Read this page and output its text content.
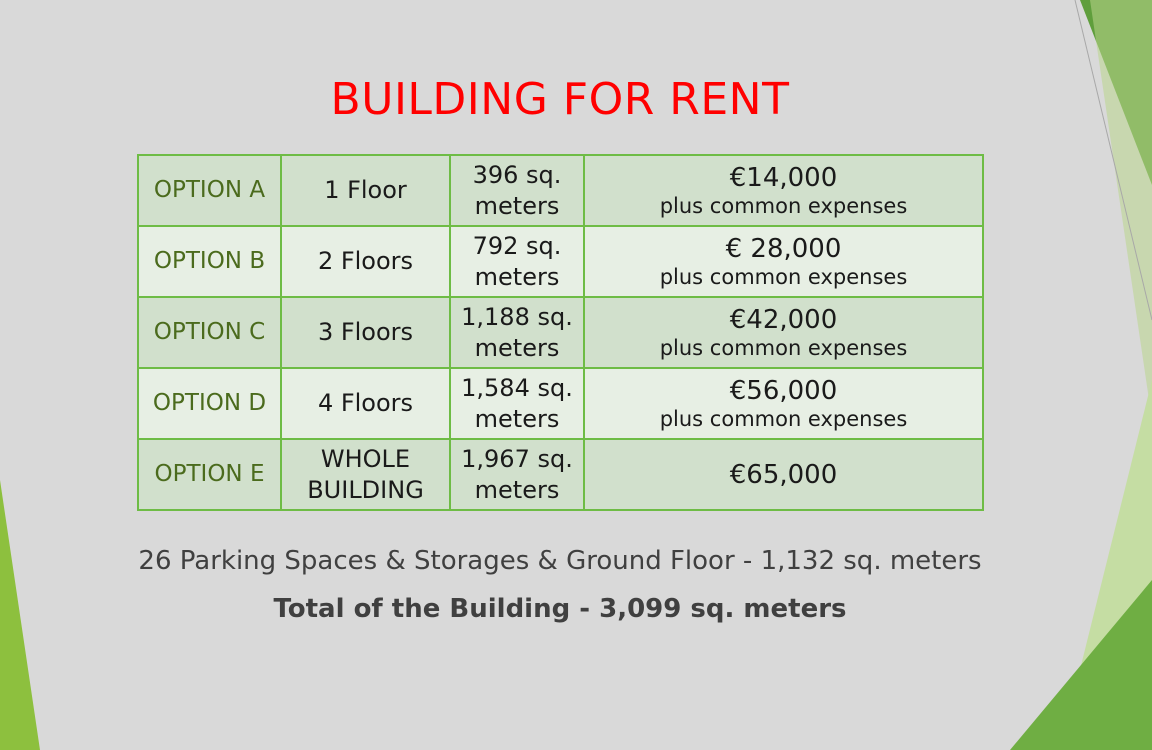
BUILDING FOR RENT
OPTION A	1 Floor	396 sq. meters	€14,000
plus common expenses

OPTION B	2 Floors	792 sq. meters	€ 28,000
plus common expenses

OPTION C	3 Floors	1,188 sq. meters	€42,000
plus common expenses

OPTION D	4 Floors	1,584 sq. meters	€56,000
plus common expenses

OPTION E	WHOLE BUILDING	1,967 sq. meters	€65,000
26 Parking Spaces & Storages & Ground Floor - 1,132 sq. meters
Total of the Building - 3,099 sq. meters
